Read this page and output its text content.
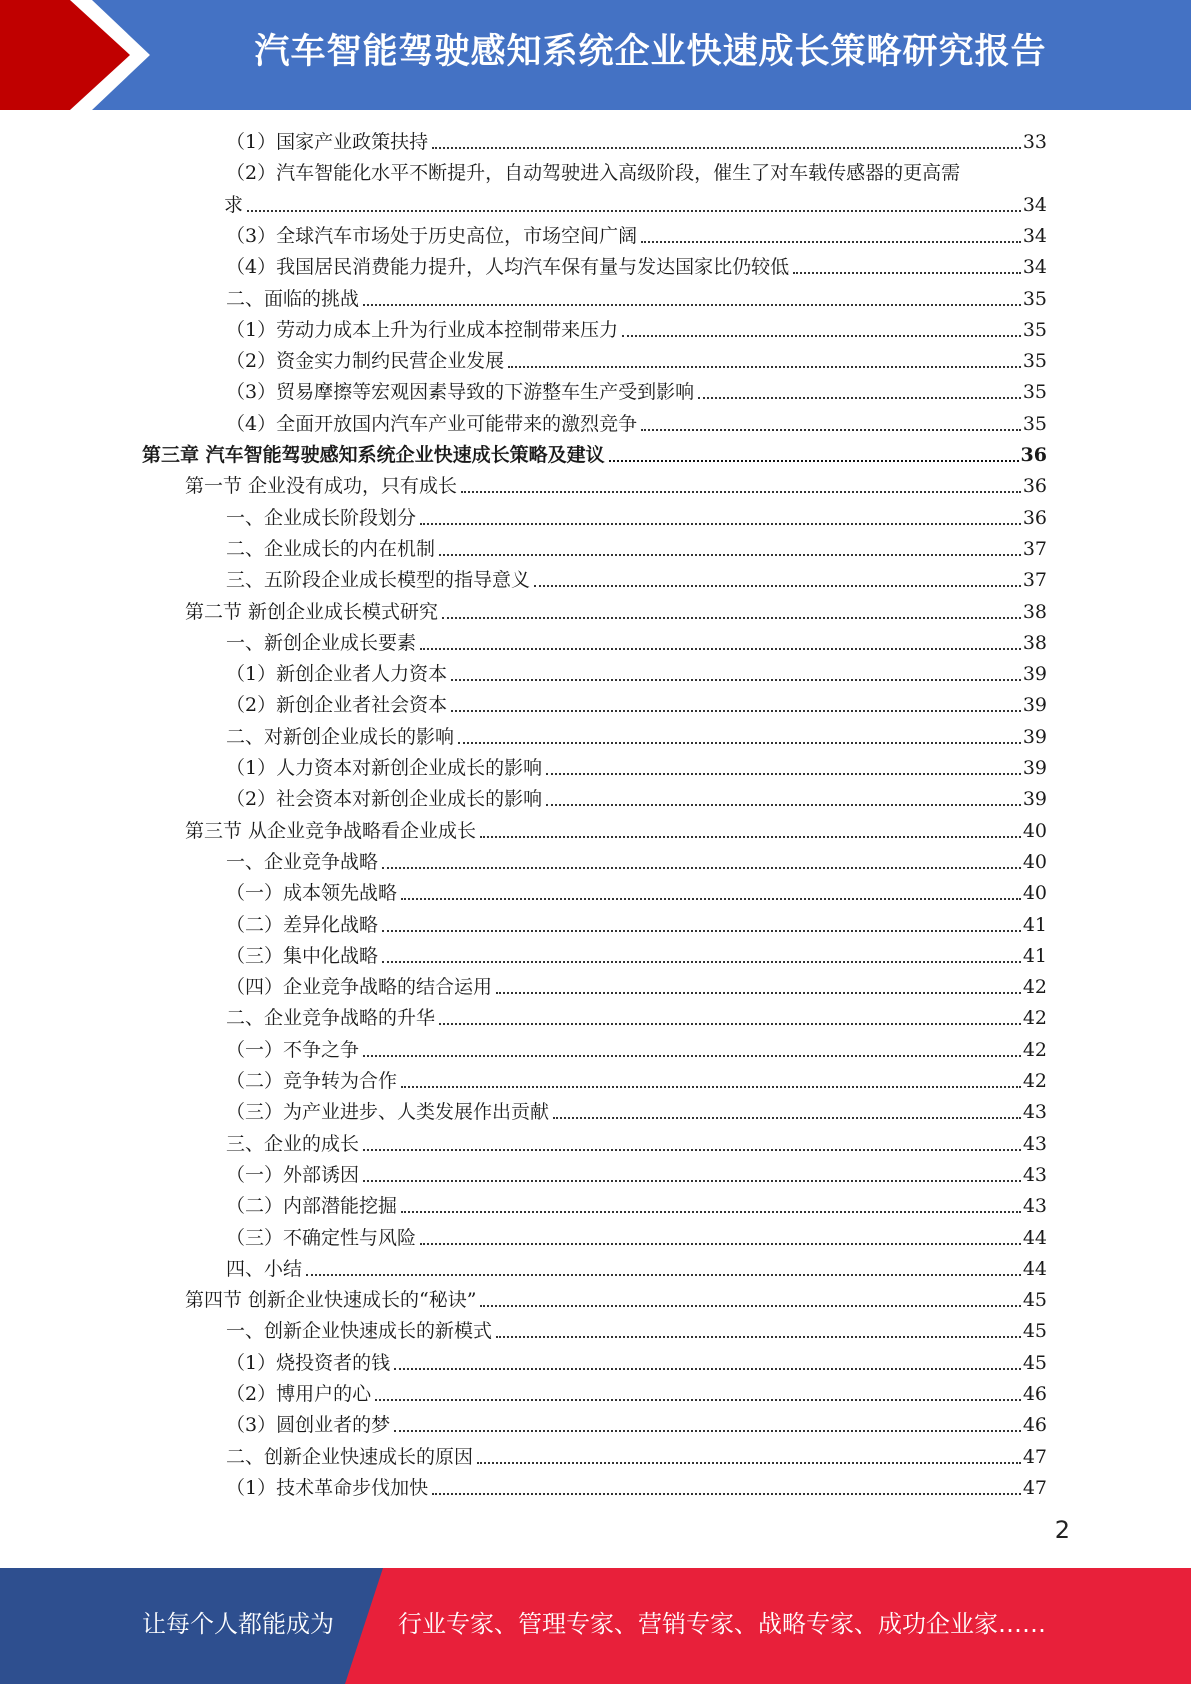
汽车智能驾驶感知系统企业快速成长策略研究报告
（1）国家产业政策扶持	33
（2）汽车智能化水平不断提升，自动驾驶进入高级阶段，催生了对车载传感器的更高需
求	34
（3）全球汽车市场处于历史高位，市场空间广阔	34
（4）我国居民消费能力提升，人均汽车保有量与发达国家比仍较低	34
二、面临的挑战	35
（1）劳动力成本上升为行业成本控制带来压力	35
（2）资金实力制约民营企业发展	35
（3）贸易摩擦等宏观因素导致的下游整车生产受到影响	35
（4）全面开放国内汽车产业可能带来的激烈竞争	35
第三章 汽车智能驾驶感知系统企业快速成长策略及建议	36
第一节 企业没有成功，只有成长	36
一、企业成长阶段划分	36
二、企业成长的内在机制	37
三、五阶段企业成长模型的指导意义	37
第二节 新创企业成长模式研究	38
一、新创企业成长要素	38
（1）新创企业者人力资本	39
（2）新创企业者社会资本	39
二、对新创企业成长的影响	39
（1）人力资本对新创企业成长的影响	39
（2）社会资本对新创企业成长的影响	39
第三节 从企业竞争战略看企业成长	40
一、企业竞争战略	40
（一）成本领先战略	40
（二）差异化战略	41
（三）集中化战略	41
（四）企业竞争战略的结合运用	42
二、企业竞争战略的升华	42
（一）不争之争	42
（二）竞争转为合作	42
（三）为产业进步、人类发展作出贡献	43
三、企业的成长	43
（一）外部诱因	43
（二）内部潜能挖掘	43
（三）不确定性与风险	44
四、小结	44
第四节 创新企业快速成长的“秘诀”	45
一、创新企业快速成长的新模式	45
（1）烧投资者的钱	45
（2）博用户的心	46
（3）圆创业者的梦	46
二、创新企业快速成长的原因	47
（1）技术革命步伐加快	47
2
让每个人都能成为	行业专家、管理专家、营销专家、战略专家、成功企业家……
